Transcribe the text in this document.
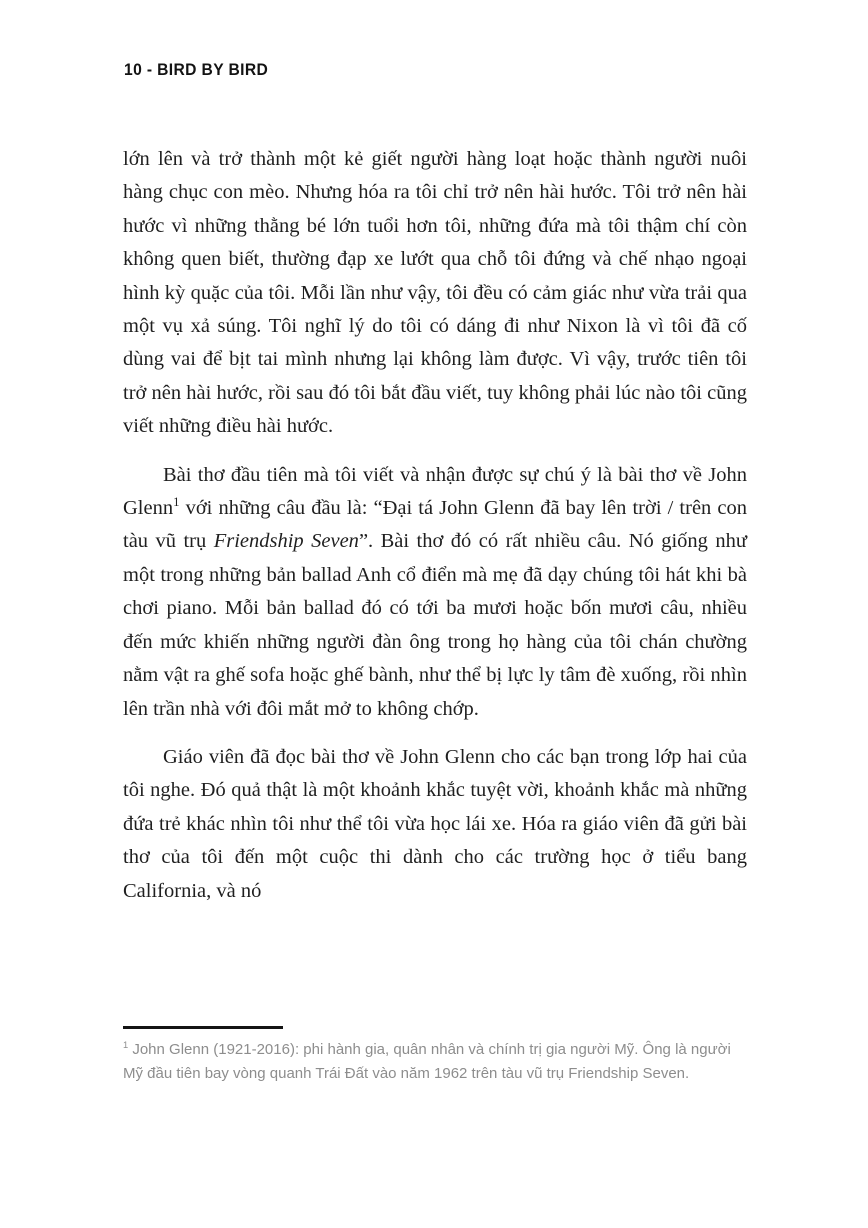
10 - BIRD BY BIRD

lớn lên và trở thành một kẻ giết người hàng loạt hoặc thành người nuôi hàng chục con mèo. Nhưng hóa ra tôi chỉ trở nên hài hước. Tôi trở nên hài hước vì những thằng bé lớn tuổi hơn tôi, những đứa mà tôi thậm chí còn không quen biết, thường đạp xe lướt qua chỗ tôi đứng và chế nhạo ngoại hình kỳ quặc của tôi. Mỗi lần như vậy, tôi đều có cảm giác như vừa trải qua một vụ xả súng. Tôi nghĩ lý do tôi có dáng đi như Nixon là vì tôi đã cố dùng vai để bịt tai mình nhưng lại không làm được. Vì vậy, trước tiên tôi trở nên hài hước, rồi sau đó tôi bắt đầu viết, tuy không phải lúc nào tôi cũng viết những điều hài hước.

Bài thơ đầu tiên mà tôi viết và nhận được sự chú ý là bài thơ về John Glenn$^1$ với những câu đầu là: “Đại tá John Glenn đã bay lên trời / trên con tàu vũ trụ Friendship Seven”. Bài thơ đó có rất nhiều câu. Nó giống như một trong những bản ballad Anh cổ điển mà mẹ đã dạy chúng tôi hát khi bà chơi piano. Mỗi bản ballad đó có tới ba mươi hoặc bốn mươi câu, nhiều đến mức khiến những người đàn ông trong họ hàng của tôi chán chường nằm vật ra ghế sofa hoặc ghế bành, như thể bị lực ly tâm đè xuống, rồi nhìn lên trần nhà với đôi mắt mở to không chớp.

Giáo viên đã đọc bài thơ về John Glenn cho các bạn trong lớp hai của tôi nghe. Đó quả thật là một khoảnh khắc tuyệt vời, khoảnh khắc mà những đứa trẻ khác nhìn tôi như thể tôi vừa học lái xe. Hóa ra giáo viên đã gửi bài thơ của tôi đến một cuộc thi dành cho các trường học ở tiểu bang California, và nó

$^1$ John Glenn (1921-2016): phi hành gia, quân nhân và chính trị gia người Mỹ. Ông là người Mỹ đầu tiên bay vòng quanh Trái Đất vào năm 1962 trên tàu vũ trụ Friendship Seven.
